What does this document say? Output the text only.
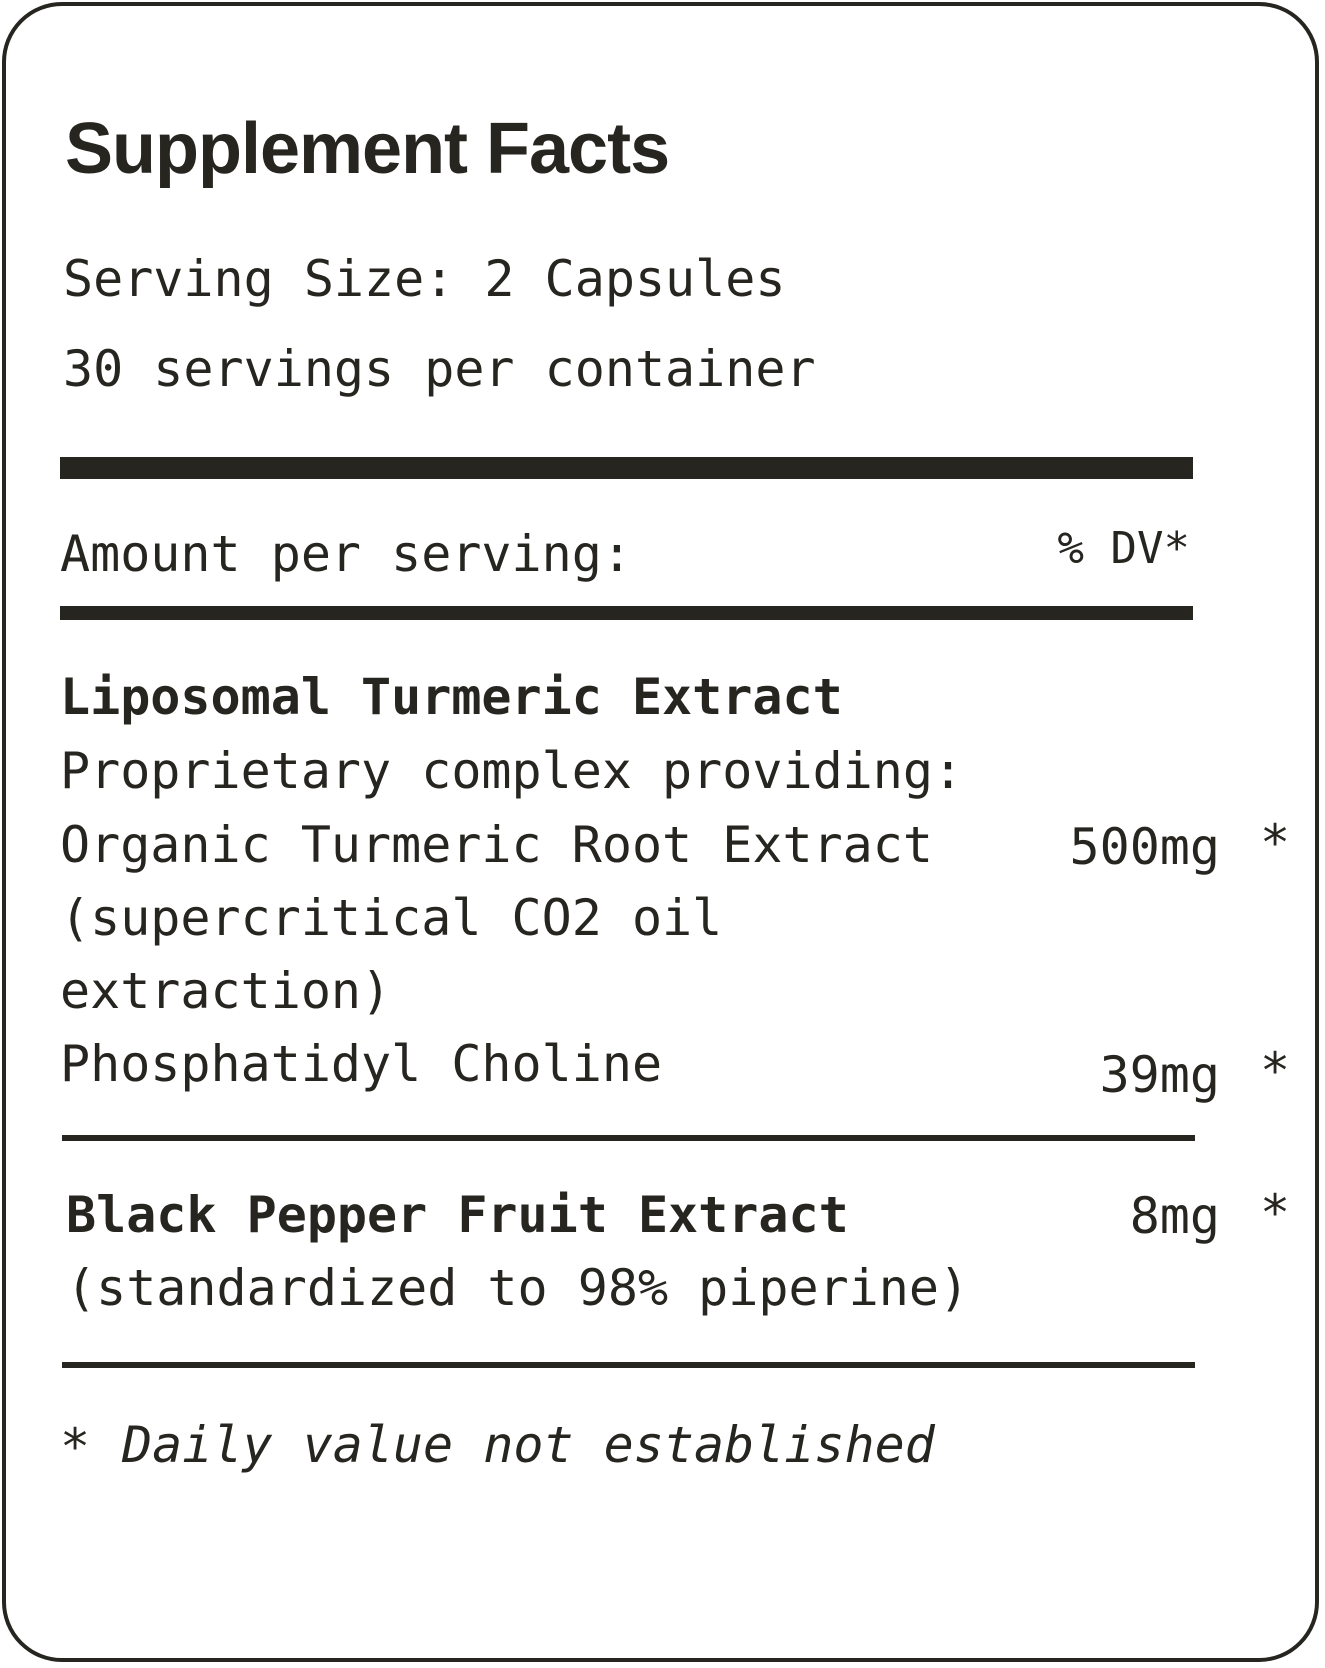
Supplement Facts
Serving Size: 2 Capsules
30 servings per container
Amount per serving:	% DV*
Liposomal Turmeric Extract
Proprietary complex providing:
Organic Turmeric Root Extract
(supercritical CO2 oil
extraction)
Phosphatidyl Choline
500mg *
39mg *
Black Pepper Fruit Extract
(standardized to 98% piperine)
8mg *
* Daily value not established
